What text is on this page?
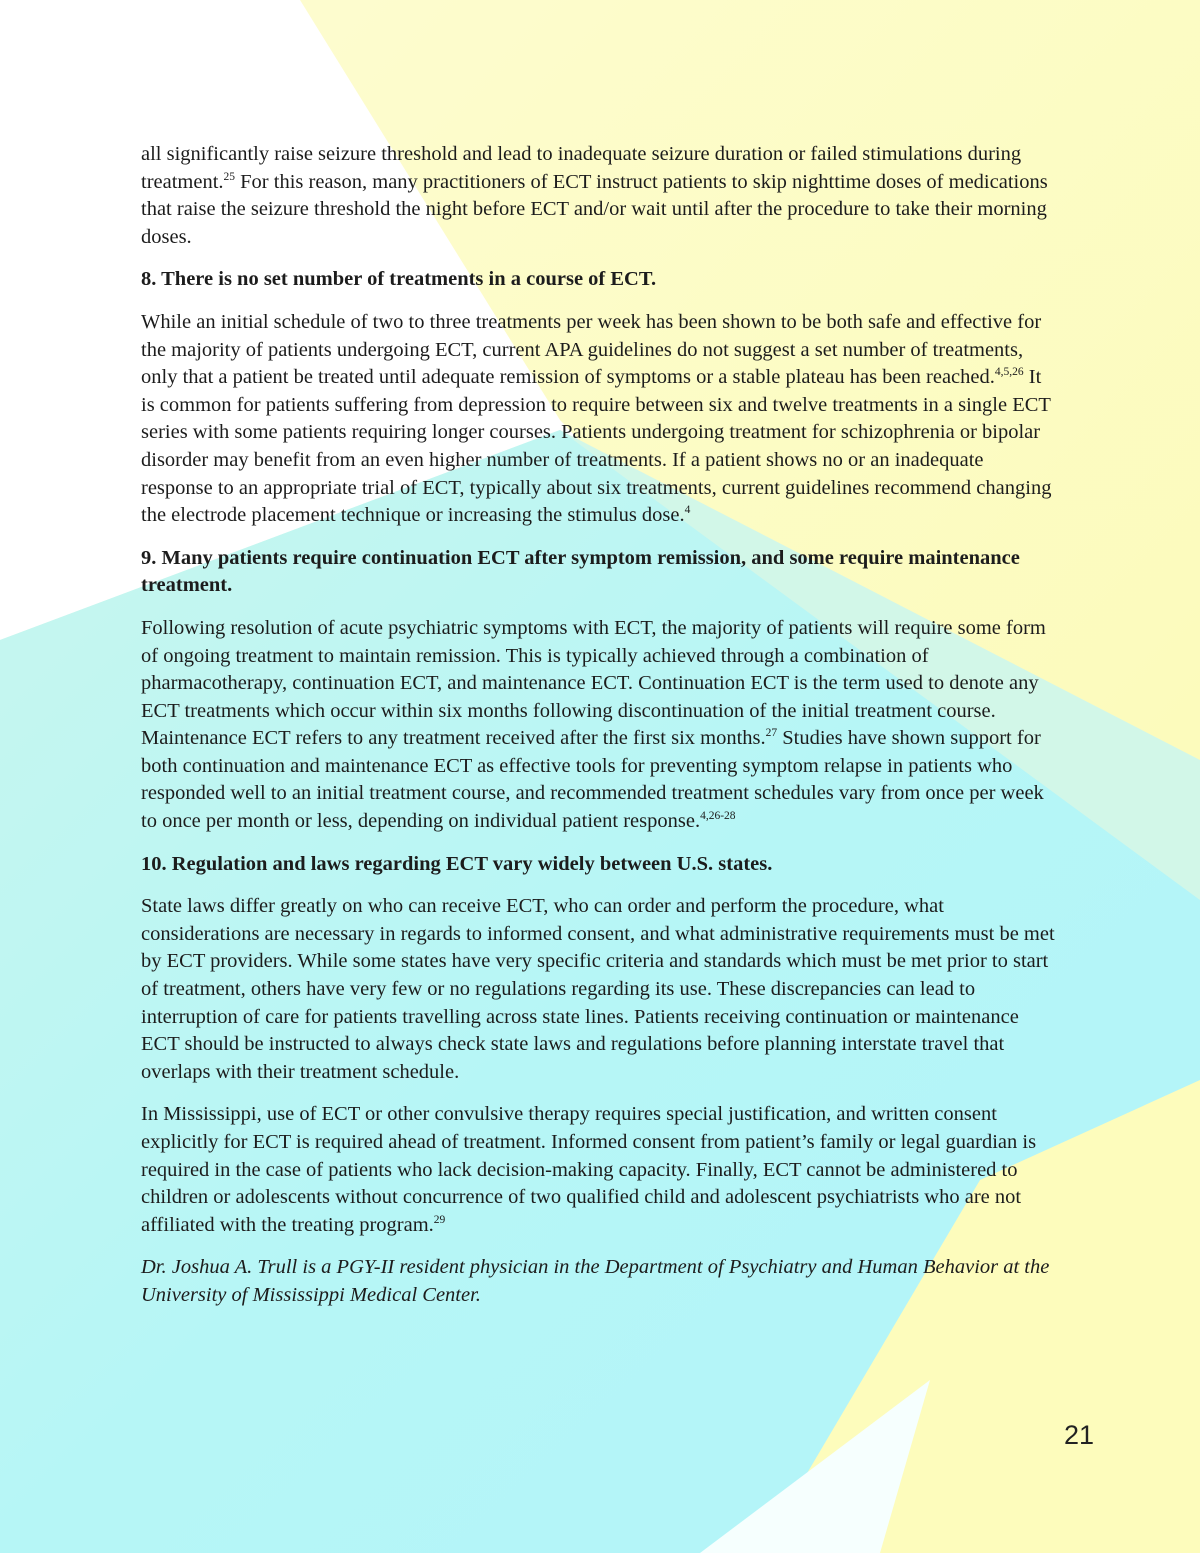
all significantly raise seizure threshold and lead to inadequate seizure duration or failed stimulations during treatment.$^{25}$ For this reason, many practitioners of ECT instruct patients to skip nighttime doses of medications that raise the seizure threshold the night before ECT and/or wait until after the procedure to take their morning doses.

8. There is no set number of treatments in a course of ECT.

While an initial schedule of two to three treatments per week has been shown to be both safe and effective for the majority of patients undergoing ECT, current APA guidelines do not suggest a set number of treatments, only that a patient be treated until adequate remission of symptoms or a stable plateau has been reached.$^{4,5,26}$ It is common for patients suffering from depression to require between six and twelve treatments in a single ECT series with some patients requiring longer courses. Patients undergoing treatment for schizophrenia or bipolar disorder may benefit from an even higher number of treatments. If a patient shows no or an inadequate response to an appropriate trial of ECT, typically about six treatments, current guidelines recommend changing the electrode placement technique or increasing the stimulus dose.$^4$

9. Many patients require continuation ECT after symptom remission, and some require maintenance treatment.

Following resolution of acute psychiatric symptoms with ECT, the majority of patients will require some form of ongoing treatment to maintain remission. This is typically achieved through a combination of pharmacotherapy, continuation ECT, and maintenance ECT. Continuation ECT is the term used to denote any ECT treatments which occur within six months following discontinuation of the initial treatment course. Maintenance ECT refers to any treatment received after the first six months.$^{27}$ Studies have shown support for both continuation and maintenance ECT as effective tools for preventing symptom relapse in patients who responded well to an initial treatment course, and recommended treatment schedules vary from once per week to once per month or less, depending on individual patient response.$^{4,26-28}$

10. Regulation and laws regarding ECT vary widely between U.S. states.

State laws differ greatly on who can receive ECT, who can order and perform the procedure, what considerations are necessary in regards to informed consent, and what administrative requirements must be met by ECT providers. While some states have very specific criteria and standards which must be met prior to start of treatment, others have very few or no regulations regarding its use. These discrepancies can lead to interruption of care for patients travelling across state lines. Patients receiving continuation or maintenance ECT should be instructed to always check state laws and regulations before planning interstate travel that overlaps with their treatment schedule.

In Mississippi, use of ECT or other convulsive therapy requires special justification, and written consent explicitly for ECT is required ahead of treatment. Informed consent from patient’s family or legal guardian is required in the case of patients who lack decision-making capacity. Finally, ECT cannot be administered to children or adolescents without concurrence of two qualified child and adolescent psychiatrists who are not affiliated with the treating program.$^{29}$

Dr. Joshua A. Trull is a PGY-II resident physician in the Department of Psychiatry and Human Behavior at the University of Mississippi Medical Center.

21
